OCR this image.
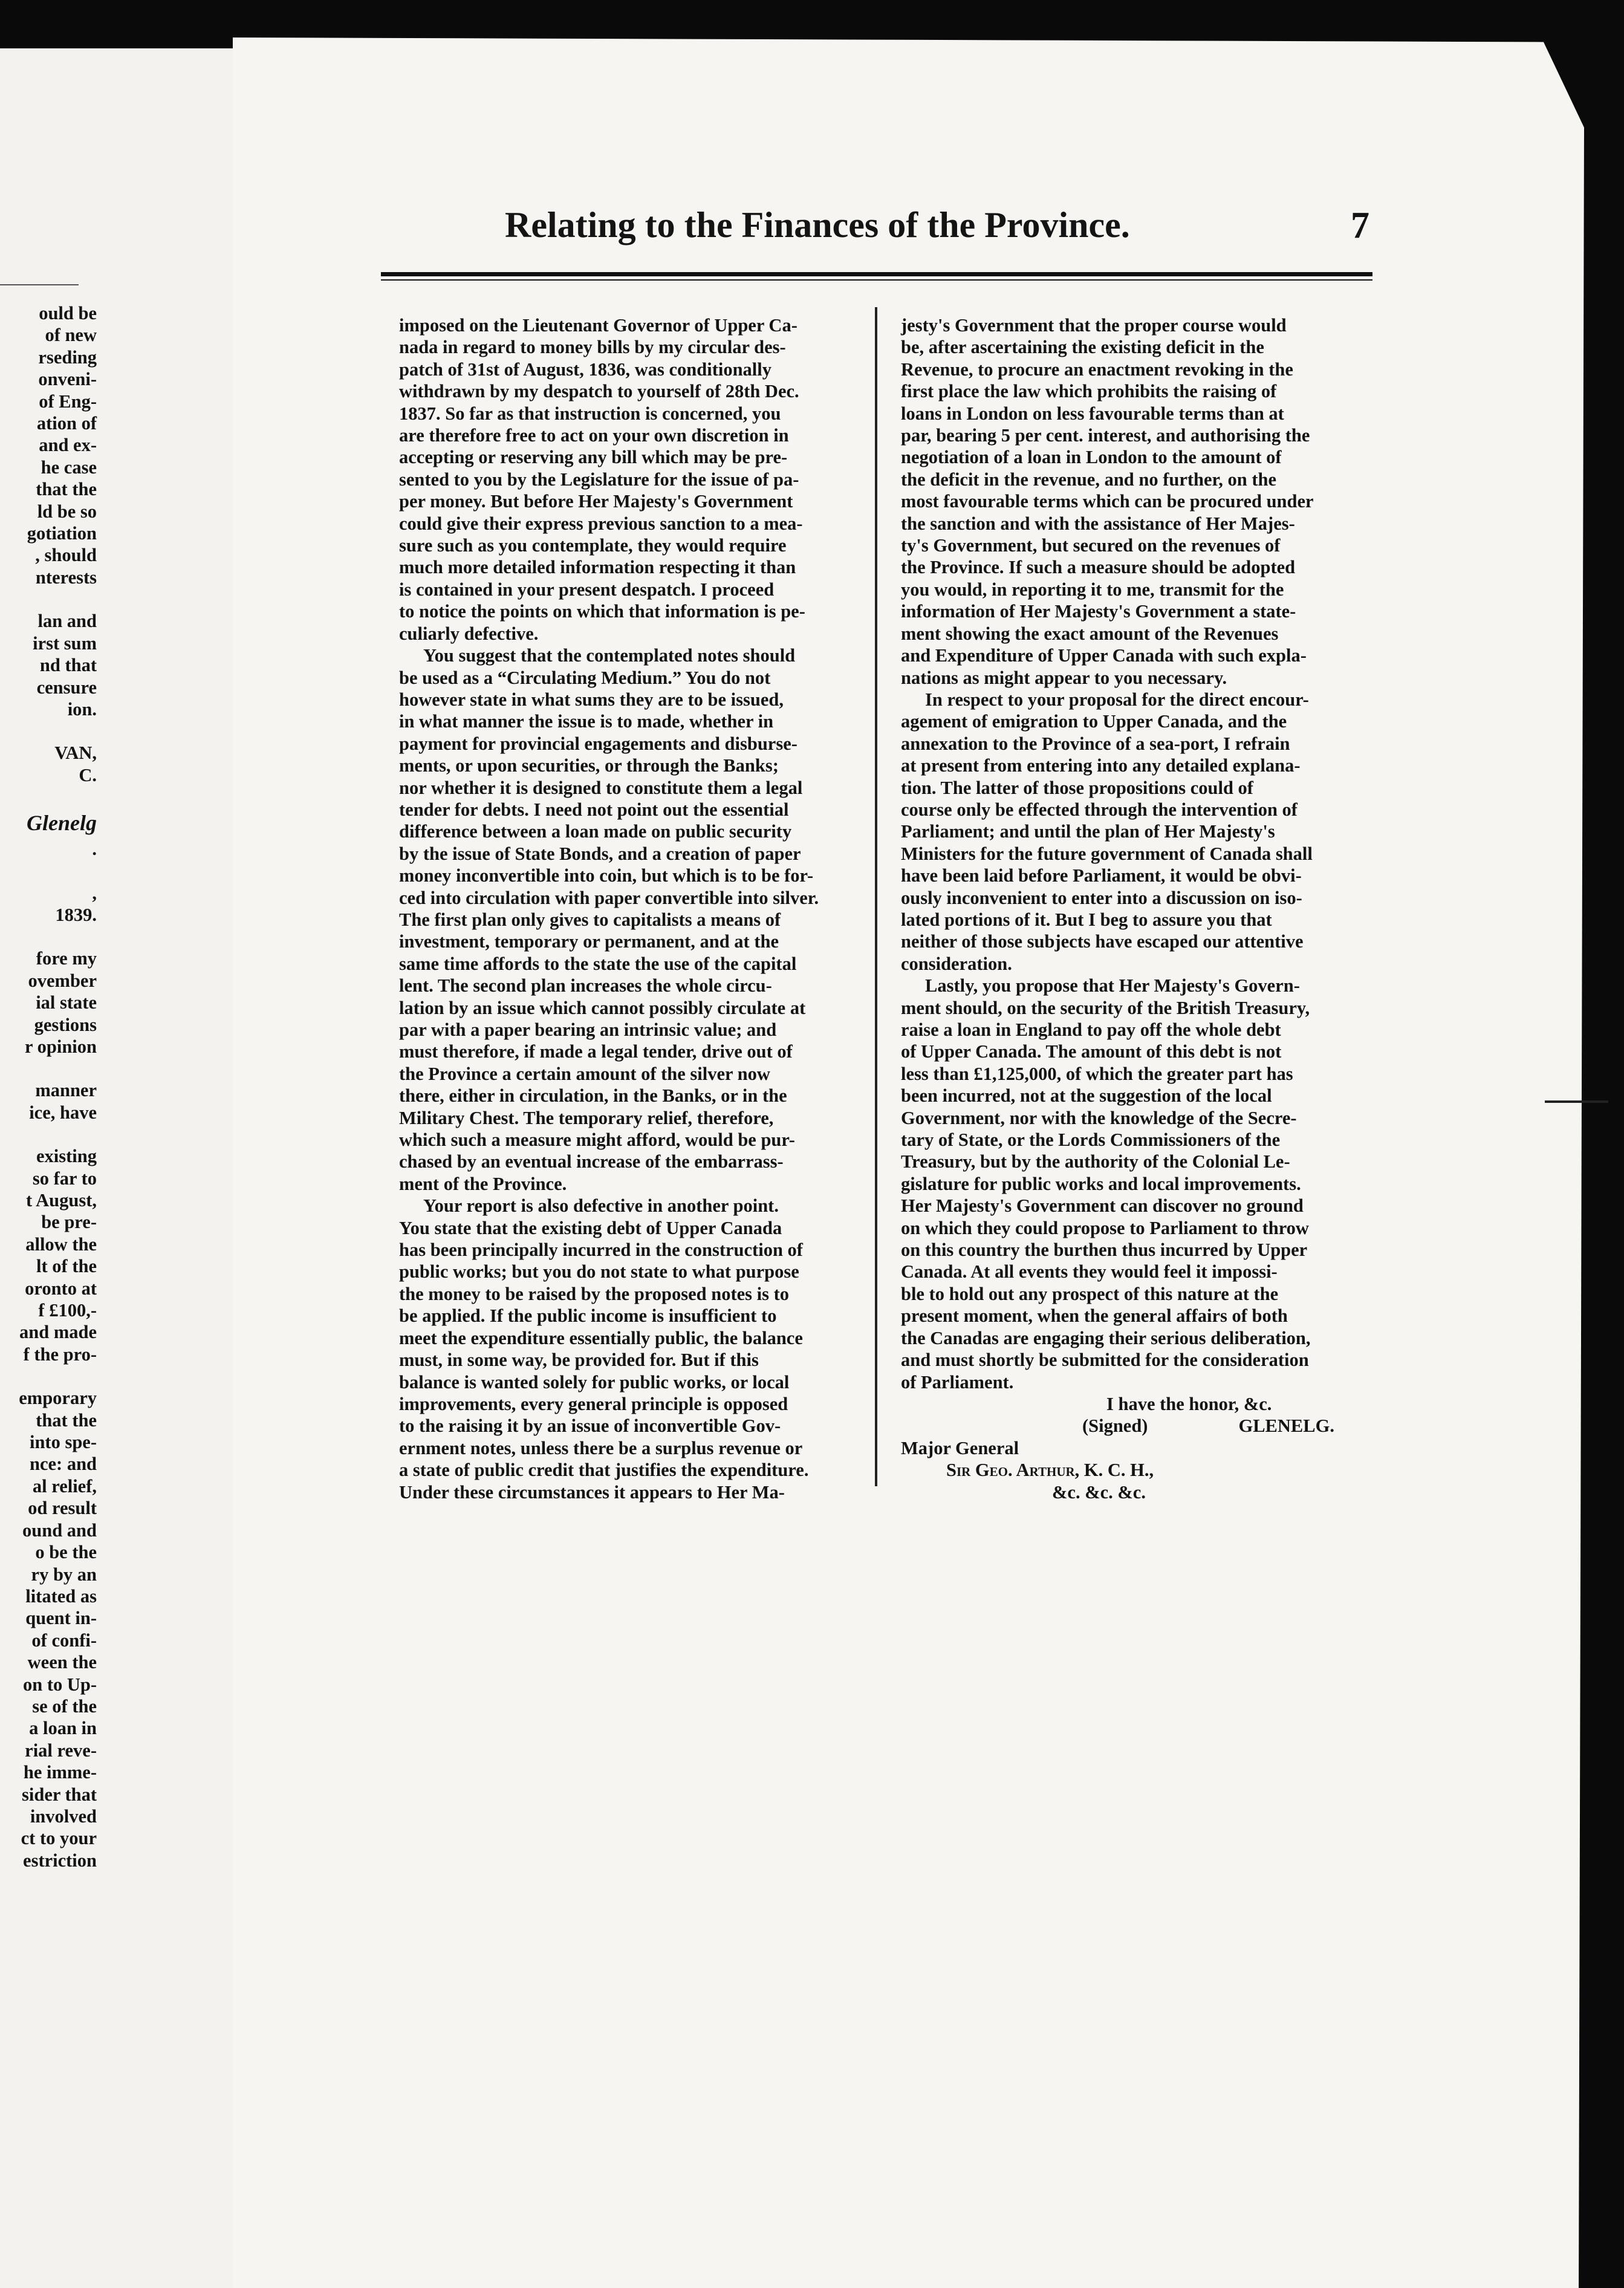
ould be
of new
rseding
onveni-
of Eng-
ation of
and ex-
he case
that the
ld be so
gotiation
, should
nterests
lan and
irst sum
nd that
censure
ion.
VAN,
C.
Glenelg
.
,
1839.
fore my
ovember
ial state
gestions
r opinion
manner
ice, have
existing
so far to
t August,
be pre-
allow the
lt of the
oronto at
f £100,-
and made
f the pro-
emporary
that the
into spe-
nce: and
al relief,
od result
ound and
o be the
ry by an
litated as
quent in-
of confi-
ween the
on to Up-
se of the
a loan in
rial reve-
he imme-
sider that
involved
ct to your
estriction
Relating to the Finances of the Province.	7
imposed on the Lieutenant Governor of Upper Ca-
nada in regard to money bills by my circular des-
patch of 31st of August, 1836, was conditionally
withdrawn by my despatch to yourself of 28th Dec.
1837. So far as that instruction is concerned, you
are therefore free to act on your own discretion in
accepting or reserving any bill which may be pre-
sented to you by the Legislature for the issue of pa-
per money. But before Her Majesty's Government
could give their express previous sanction to a mea-
sure such as you contemplate, they would require
much more detailed information respecting it than
is contained in your present despatch. I proceed
to notice the points on which that information is pe-
culiarly defective.
You suggest that the contemplated notes should
be used as a “Circulating Medium.” You do not
however state in what sums they are to be issued,
in what manner the issue is to made, whether in
payment for provincial engagements and disburse-
ments, or upon securities, or through the Banks;
nor whether it is designed to constitute them a legal
tender for debts. I need not point out the essential
difference between a loan made on public security
by the issue of State Bonds, and a creation of paper
money inconvertible into coin, but which is to be for-
ced into circulation with paper convertible into silver.
The first plan only gives to capitalists a means of
investment, temporary or permanent, and at the
same time affords to the state the use of the capital
lent. The second plan increases the whole circu-
lation by an issue which cannot possibly circulate at
par with a paper bearing an intrinsic value; and
must therefore, if made a legal tender, drive out of
the Province a certain amount of the silver now
there, either in circulation, in the Banks, or in the
Military Chest. The temporary relief, therefore,
which such a measure might afford, would be pur-
chased by an eventual increase of the embarrass-
ment of the Province.
Your report is also defective in another point.
You state that the existing debt of Upper Canada
has been principally incurred in the construction of
public works; but you do not state to what purpose
the money to be raised by the proposed notes is to
be applied. If the public income is insufficient to
meet the expenditure essentially public, the balance
must, in some way, be provided for. But if this
balance is wanted solely for public works, or local
improvements, every general principle is opposed
to the raising it by an issue of inconvertible Gov-
ernment notes, unless there be a surplus revenue or
a state of public credit that justifies the expenditure.
Under these circumstances it appears to Her Ma-
jesty's Government that the proper course would
be, after ascertaining the existing deficit in the
Revenue, to procure an enactment revoking in the
first place the law which prohibits the raising of
loans in London on less favourable terms than at
par, bearing 5 per cent. interest, and authorising the
negotiation of a loan in London to the amount of
the deficit in the revenue, and no further, on the
most favourable terms which can be procured under
the sanction and with the assistance of Her Majes-
ty's Government, but secured on the revenues of
the Province. If such a measure should be adopted
you would, in reporting it to me, transmit for the
information of Her Majesty's Government a state-
ment showing the exact amount of the Revenues
and Expenditure of Upper Canada with such expla-
nations as might appear to you necessary.
In respect to your proposal for the direct encour-
agement of emigration to Upper Canada, and the
annexation to the Province of a sea-port, I refrain
at present from entering into any detailed explana-
tion. The latter of those propositions could of
course only be effected through the intervention of
Parliament; and until the plan of Her Majesty's
Ministers for the future government of Canada shall
have been laid before Parliament, it would be obvi-
ously inconvenient to enter into a discussion on iso-
lated portions of it. But I beg to assure you that
neither of those subjects have escaped our attentive
consideration.
Lastly, you propose that Her Majesty's Govern-
ment should, on the security of the British Treasury,
raise a loan in England to pay off the whole debt
of Upper Canada. The amount of this debt is not
less than £1,125,000, of which the greater part has
been incurred, not at the suggestion of the local
Government, nor with the knowledge of the Secre-
tary of State, or the Lords Commissioners of the
Treasury, but by the authority of the Colonial Le-
gislature for public works and local improvements.
Her Majesty's Government can discover no ground
on which they could propose to Parliament to throw
on this country the burthen thus incurred by Upper
Canada. At all events they would feel it impossi-
ble to hold out any prospect of this nature at the
present moment, when the general affairs of both
the Canadas are engaging their serious deliberation,
and must shortly be submitted for the consideration
of Parliament.
I have the honor, &c.
(Signed)	GLENELG.
Major General
Sir Geo. Arthur, K. C. H.,
&c. &c. &c.
